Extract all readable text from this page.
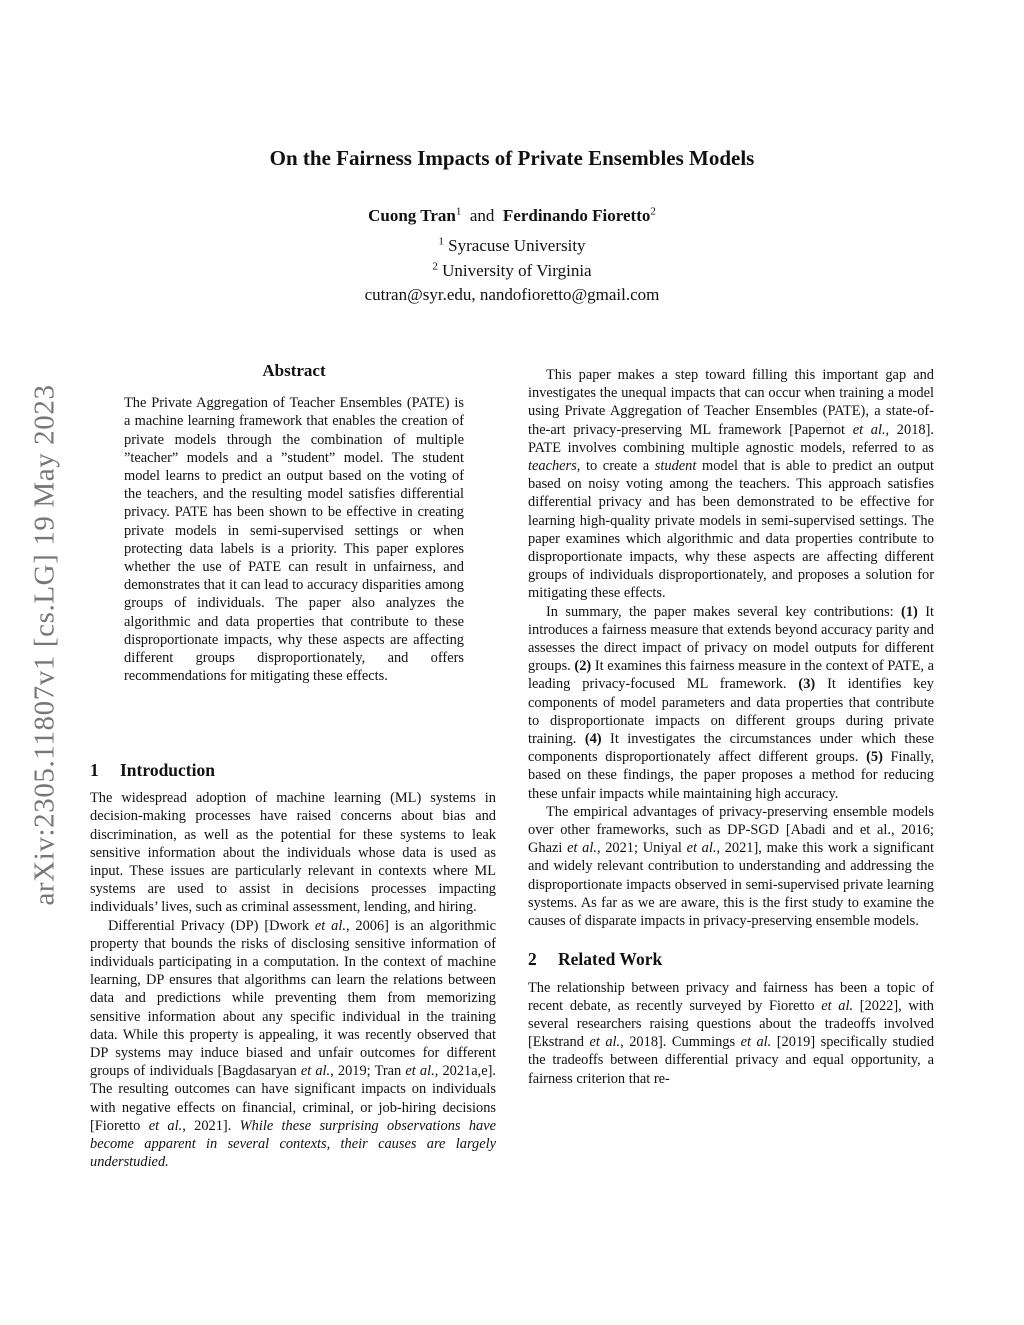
arXiv:2305.11807v1 [cs.LG] 19 May 2023
On the Fairness Impacts of Private Ensembles Models
Cuong Tran$^1$ and Ferdinando Fioretto$^2$
$^1$ Syracuse University
$^2$ University of Virginia
cutran@syr.edu, nandofioretto@gmail.com
Abstract

The Private Aggregation of Teacher Ensembles (PATE) is a machine learning framework that enables the creation of private models through the combination of multiple ”teacher” models and a ”student” model. The student model learns to predict an output based on the voting of the teachers, and the resulting model satisfies differential privacy. PATE has been shown to be effective in creating private models in semi-supervised settings or when protecting data labels is a priority. This paper explores whether the use of PATE can result in unfairness, and demonstrates that it can lead to accuracy disparities among groups of individuals. The paper also analyzes the algorithmic and data properties that contribute to these disproportionate impacts, why these aspects are affecting different groups disproportionately, and offers recommendations for mitigating these effects.

1 Introduction

The widespread adoption of machine learning (ML) systems in decision-making processes have raised concerns about bias and discrimination, as well as the potential for these systems to leak sensitive information about the individuals whose data is used as input. These issues are particularly relevant in contexts where ML systems are used to assist in decisions processes impacting individuals’ lives, such as criminal assessment, lending, and hiring.

Differential Privacy (DP) [Dwork et al., 2006] is an algorithmic property that bounds the risks of disclosing sensitive information of individuals participating in a computation. In the context of machine learning, DP ensures that algorithms can learn the relations between data and predictions while preventing them from memorizing sensitive information about any specific individual in the training data. While this property is appealing, it was recently observed that DP systems may induce biased and unfair outcomes for different groups of individuals [Bagdasaryan et al., 2019; Tran et al., 2021a,e]. The resulting outcomes can have significant impacts on individuals with negative effects on financial, criminal, or job-hiring decisions [Fioretto et al., 2021]. While these surprising observations have become apparent in several contexts, their causes are largely understudied.

This paper makes a step toward filling this important gap and investigates the unequal impacts that can occur when training a model using Private Aggregation of Teacher Ensembles (PATE), a state-of-the-art privacy-preserving ML framework [Papernot et al., 2018]. PATE involves combining multiple agnostic models, referred to as teachers, to create a student model that is able to predict an output based on noisy voting among the teachers. This approach satisfies differential privacy and has been demonstrated to be effective for learning high-quality private models in semi-supervised settings. The paper examines which algorithmic and data properties contribute to disproportionate impacts, why these aspects are affecting different groups of individuals disproportionately, and proposes a solution for mitigating these effects.

In summary, the paper makes several key contributions: (1) It introduces a fairness measure that extends beyond accuracy parity and assesses the direct impact of privacy on model outputs for different groups. (2) It examines this fairness measure in the context of PATE, a leading privacy-focused ML framework. (3) It identifies key components of model parameters and data properties that contribute to disproportionate impacts on different groups during private training. (4) It investigates the circumstances under which these components disproportionately affect different groups. (5) Finally, based on these findings, the paper proposes a method for reducing these unfair impacts while maintaining high accuracy.

The empirical advantages of privacy-preserving ensemble models over other frameworks, such as DP-SGD [Abadi and et al., 2016; Ghazi et al., 2021; Uniyal et al., 2021], make this work a significant and widely relevant contribution to understanding and addressing the disproportionate impacts observed in semi-supervised private learning systems. As far as we are aware, this is the first study to examine the causes of disparate impacts in privacy-preserving ensemble models.

2 Related Work

The relationship between privacy and fairness has been a topic of recent debate, as recently surveyed by Fioretto et al. [2022], with several researchers raising questions about the tradeoffs involved [Ekstrand et al., 2018]. Cummings et al. [2019] specifically studied the tradeoffs between differential privacy and equal opportunity, a fairness criterion that re-
